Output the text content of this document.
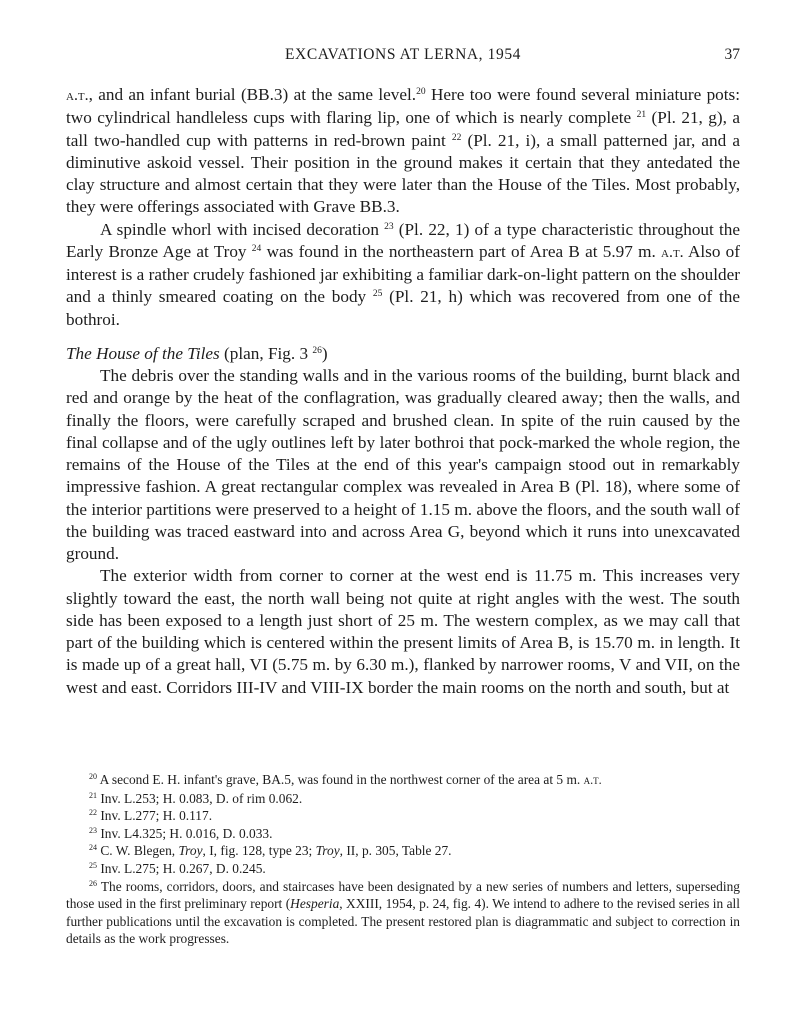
EXCAVATIONS AT LERNA, 1954	37

a.t., and an infant burial (BB.3) at the same level.$^{20}$ Here too were found several miniature pots: two cylindrical handleless cups with flaring lip, one of which is nearly complete $^{21}$ (Pl. 21, g), a tall two-handled cup with patterns in red-brown paint $^{22}$ (Pl. 21, i), a small patterned jar, and a diminutive askoid vessel. Their position in the ground makes it certain that they antedated the clay structure and almost certain that they were later than the House of the Tiles. Most probably, they were offerings associated with Grave BB.3.

A spindle whorl with incised decoration $^{23}$ (Pl. 22, 1) of a type characteristic throughout the Early Bronze Age at Troy $^{24}$ was found in the northeastern part of Area B at 5.97 m. a.t. Also of interest is a rather crudely fashioned jar exhibiting a familiar dark-on-light pattern on the shoulder and a thinly smeared coating on the body $^{25}$ (Pl. 21, h) which was recovered from one of the bothroi.

The House of the Tiles (plan, Fig. 3 $^{26}$)

The debris over the standing walls and in the various rooms of the building, burnt black and red and orange by the heat of the conflagration, was gradually cleared away; then the walls, and finally the floors, were carefully scraped and brushed clean. In spite of the ruin caused by the final collapse and of the ugly outlines left by later bothroi that pock-marked the whole region, the remains of the House of the Tiles at the end of this year's campaign stood out in remarkably impressive fashion. A great rectangular complex was revealed in Area B (Pl. 18), where some of the interior partitions were preserved to a height of 1.15 m. above the floors, and the south wall of the building was traced eastward into and across Area G, beyond which it runs into unexcavated ground.

The exterior width from corner to corner at the west end is 11.75 m. This increases very slightly toward the east, the north wall being not quite at right angles with the west. The south side has been exposed to a length just short of 25 m. The western complex, as we may call that part of the building which is centered within the present limits of Area B, is 15.70 m. in length. It is made up of a great hall, VI (5.75 m. by 6.30 m.), flanked by narrower rooms, V and VII, on the west and east. Corridors III-IV and VIII-IX border the main rooms on the north and south, but at

$^{20}$ A second E. H. infant's grave, BA.5, was found in the northwest corner of the area at 5 m. a.t.

$^{21}$ Inv. L.253; H. 0.083, D. of rim 0.062.

$^{22}$ Inv. L.277; H. 0.117.

$^{23}$ Inv. L4.325; H. 0.016, D. 0.033.

$^{24}$ C. W. Blegen, Troy, I, fig. 128, type 23; Troy, II, p. 305, Table 27.

$^{25}$ Inv. L.275; H. 0.267, D. 0.245.

$^{26}$ The rooms, corridors, doors, and staircases have been designated by a new series of numbers and letters, superseding those used in the first preliminary report (Hesperia, XXIII, 1954, p. 24, fig. 4). We intend to adhere to the revised series in all further publications until the excavation is completed. The present restored plan is diagrammatic and subject to correction in details as the work progresses.
